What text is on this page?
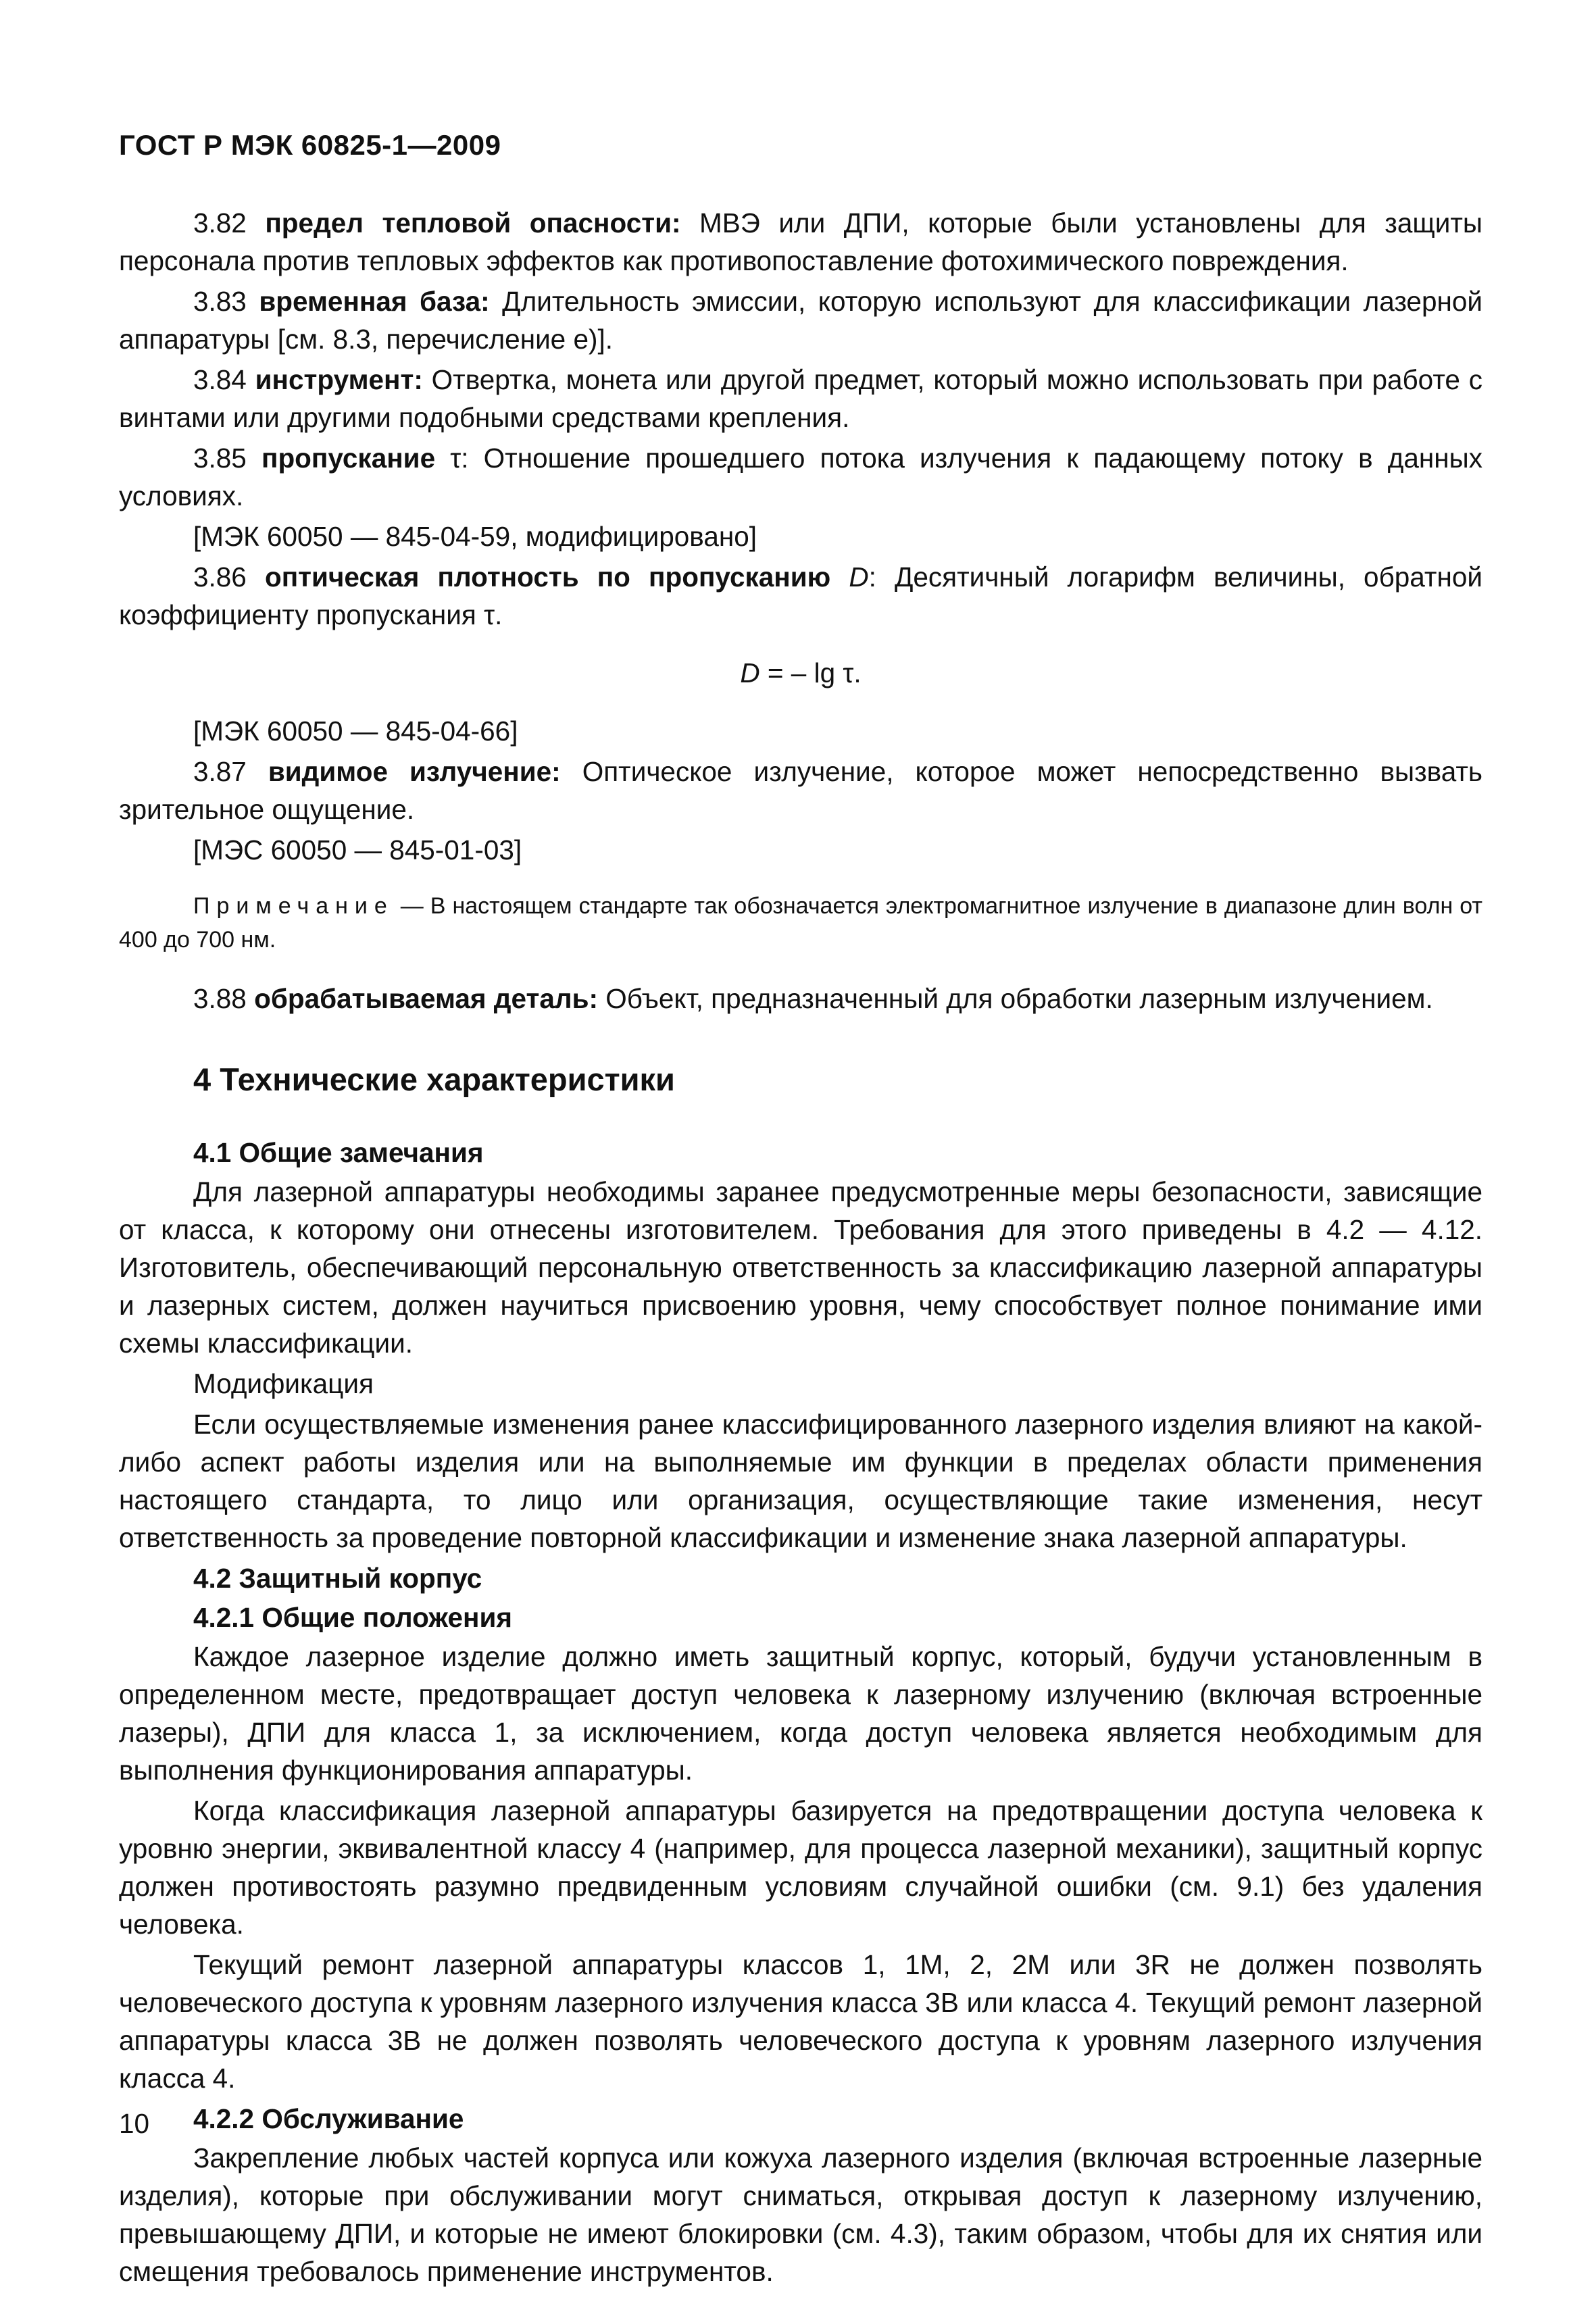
ГОСТ Р МЭК 60825-1—2009

3.82 предел тепловой опасности: МВЭ или ДПИ, которые были установлены для защиты персонала против тепловых эффектов как противопоставление фотохимического повреждения.

3.83 временная база: Длительность эмиссии, которую используют для классификации лазерной аппаратуры [см. 8.3, перечисление е)].

3.84 инструмент: Отвертка, монета или другой предмет, который можно использовать при работе с винтами или другими подобными средствами крепления.

3.85 пропускание τ: Отношение прошедшего потока излучения к падающему потоку в данных условиях.

[МЭК 60050 — 845-04-59, модифицировано]

3.86 оптическая плотность по пропусканию D: Десятичный логарифм величины, обратной коэффициенту пропускания τ.

D = – lg τ.

[МЭК 60050 — 845-04-66]

3.87 видимое излучение: Оптическое излучение, которое может непосредственно вызвать зрительное ощущение.

[МЭС 60050 — 845-01-03]

Примечание — В настоящем стандарте так обозначается электромагнитное излучение в диапазоне длин волн от 400 до 700 нм.

3.88 обрабатываемая деталь: Объект, предназначенный для обработки лазерным излучением.

4 Технические характеристики
4.1 Общие замечания

Для лазерной аппаратуры необходимы заранее предусмотренные меры безопасности, зависящие от класса, к которому они отнесены изготовителем. Требования для этого приведены в 4.2 — 4.12. Изготовитель, обеспечивающий персональную ответственность за классификацию лазерной аппаратуры и лазерных систем, должен научиться присвоению уровня, чему способствует полное понимание ими схемы классификации.

Модификация

Если осуществляемые изменения ранее классифицированного лазерного изделия влияют на какой-либо аспект работы изделия или на выполняемые им функции в пределах области применения настоящего стандарта, то лицо или организация, осуществляющие такие изменения, несут ответственность за проведение повторной классификации и изменение знака лазерной аппаратуры.

4.2 Защитный корпус
4.2.1 Общие положения

Каждое лазерное изделие должно иметь защитный корпус, который, будучи установленным в определенном месте, предотвращает доступ человека к лазерному излучению (включая встроенные лазеры), ДПИ для класса 1, за исключением, когда доступ человека является необходимым для выполнения функционирования аппаратуры.

Когда классификация лазерной аппаратуры базируется на предотвращении доступа человека к уровню энергии, эквивалентной классу 4 (например, для процесса лазерной механики), защитный корпус должен противостоять разумно предвиденным условиям случайной ошибки (см. 9.1) без удаления человека.

Текущий ремонт лазерной аппаратуры классов 1, 1М, 2, 2М или 3R не должен позволять человеческого доступа к уровням лазерного излучения класса 3В или класса 4. Текущий ремонт лазерной аппаратуры класса 3В не должен позволять человеческого доступа к уровням лазерного излучения класса 4.

4.2.2 Обслуживание

Закрепление любых частей корпуса или кожуха лазерного изделия (включая встроенные лазерные изделия), которые при обслуживании могут сниматься, открывая доступ к лазерному излучению, превышающему ДПИ, и которые не имеют блокировки (см. 4.3), таким образом, чтобы для их снятия или смещения требовалось применение инструментов.

10
